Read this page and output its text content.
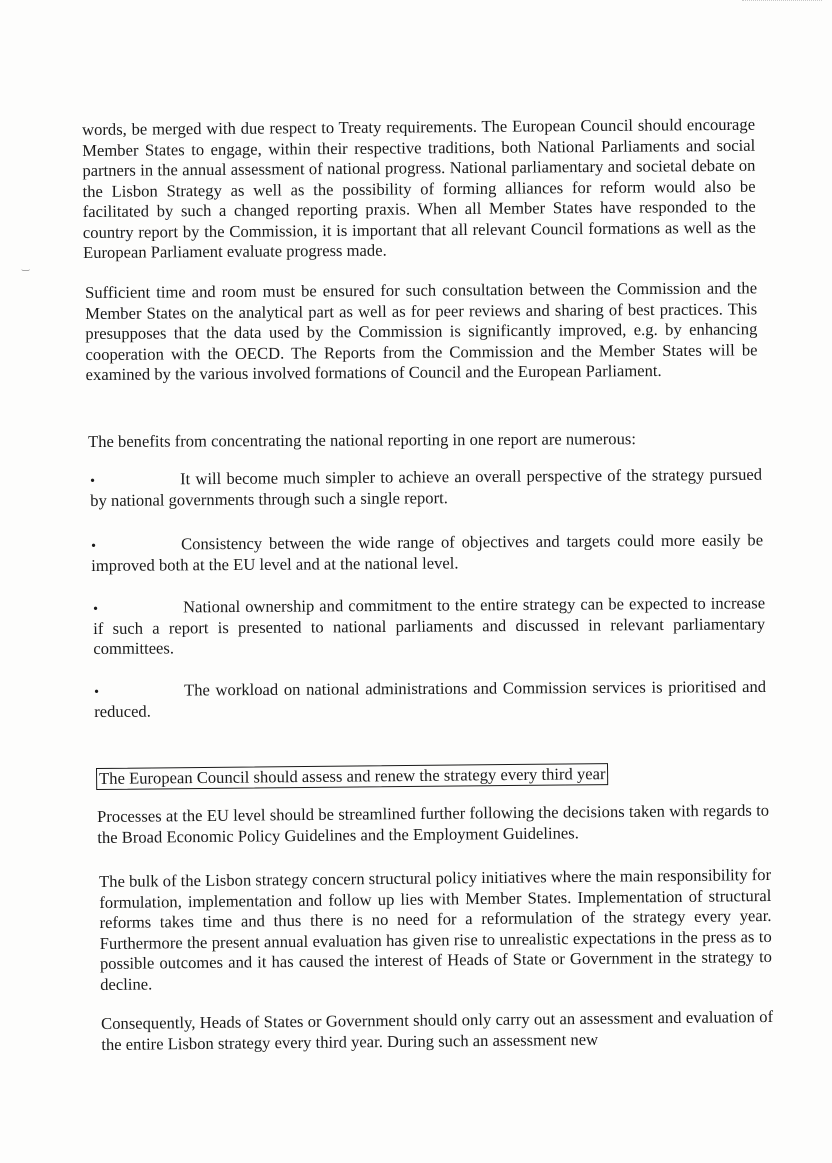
‿

words, be merged with due respect to Treaty requirements. The European Council should encourage Member States to engage, within their respective traditions, both National Parliaments and social partners in the annual assessment of national progress. National parliamentary and societal debate on the Lisbon Strategy as well as the possibility of forming alliances for reform would also be facilitated by such a changed reporting praxis. When all Member States have responded to the country report by the Commission, it is important that all relevant Council formations as well as the European Parliament evaluate progress made.

Sufficient time and room must be ensured for such consultation between the Commission and the Member States on the analytical part as well as for peer reviews and sharing of best practices. This presupposes that the data used by the Commission is significantly improved, e.g. by enhancing cooperation with the OECD. The Reports from the Commission and the Member States will be examined by the various involved formations of Council and the European Parliament.

The benefits from concentrating the national reporting in one report are numerous:

•	It will become much simpler to achieve an overall perspective of the strategy pursued by national governments through such a single report.

•	Consistency between the wide range of objectives and targets could more easily be improved both at the EU level and at the national level.

•	National ownership and commitment to the entire strategy can be expected to increase if such a report is presented to national parliaments and discussed in relevant parliamentary committees.

•	The workload on national administrations and Commission services is prioritised and reduced.

The European Council should assess and renew the strategy every third year

Processes at the EU level should be streamlined further following the decisions taken with regards to the Broad Economic Policy Guidelines and the Employment Guidelines.

The bulk of the Lisbon strategy concern structural policy initiatives where the main responsibility for formulation, implementation and follow up lies with Member States. Implementation of structural reforms takes time and thus there is no need for a reformulation of the strategy every year. Furthermore the present annual evaluation has given rise to unrealistic expectations in the press as to possible outcomes and it has caused the interest of Heads of State or Government in the strategy to decline.

Consequently, Heads of States or Government should only carry out an assessment and evaluation of the entire Lisbon strategy every third year. During such an assessment new
